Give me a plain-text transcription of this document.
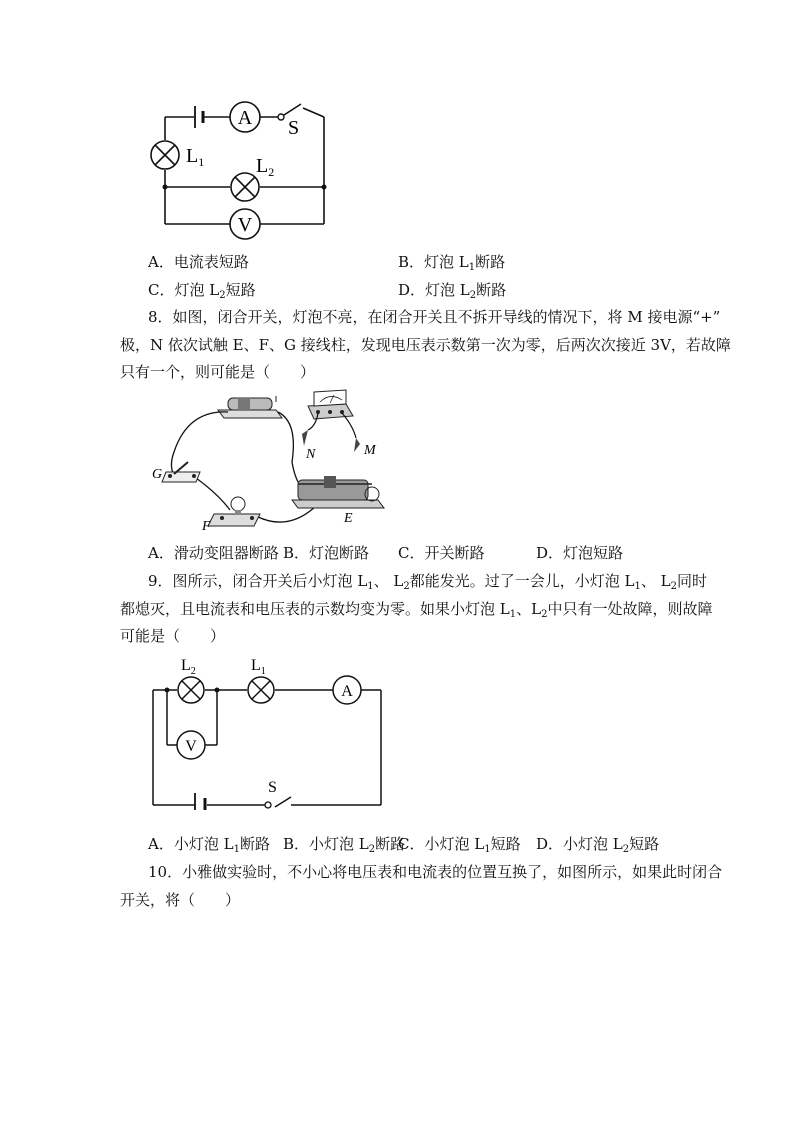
A S
$L_1$	$L_2$
V
A．电流表短路	B．灯泡 $L_1$断路
C．灯泡 $L_2$短路	D．灯泡 $L_2$断路
8．如图，闭合开关，灯泡不亮，在闭合开关且不拆开导线的情况下，将 M 接电源“+”
极，N 依次试触 E、F、G 接线柱，发现电压表示数第一次为零，后两次次接近 3V，若故障
只有一个，则可能是（　　）
N	M
G
F
E
A．滑动变阻器断路 B．灯泡断路 C．开关断路	D．灯泡短路
9．图所示，闭合开关后小灯泡 $L_1$、 $L_2$都能发光。过了一会儿，小灯泡 $L_1$、 $L_2$同时
都熄灭，且电流表和电压表的示数均变为零。如果小灯泡 $L_1$、$L_2$中只有一处故障，则故障
可能是（　　）
S
$L_2$	$L_1$
A
V
A．小灯泡 $L_1$断路 B．小灯泡 $L_2$断路
C．小灯泡 $L_1$短路 D．小灯泡 $L_2$短路
10．小雅做实验时，不小心将电压表和电流表的位置互换了，如图所示，如果此时闭合
开关，将（　　）
